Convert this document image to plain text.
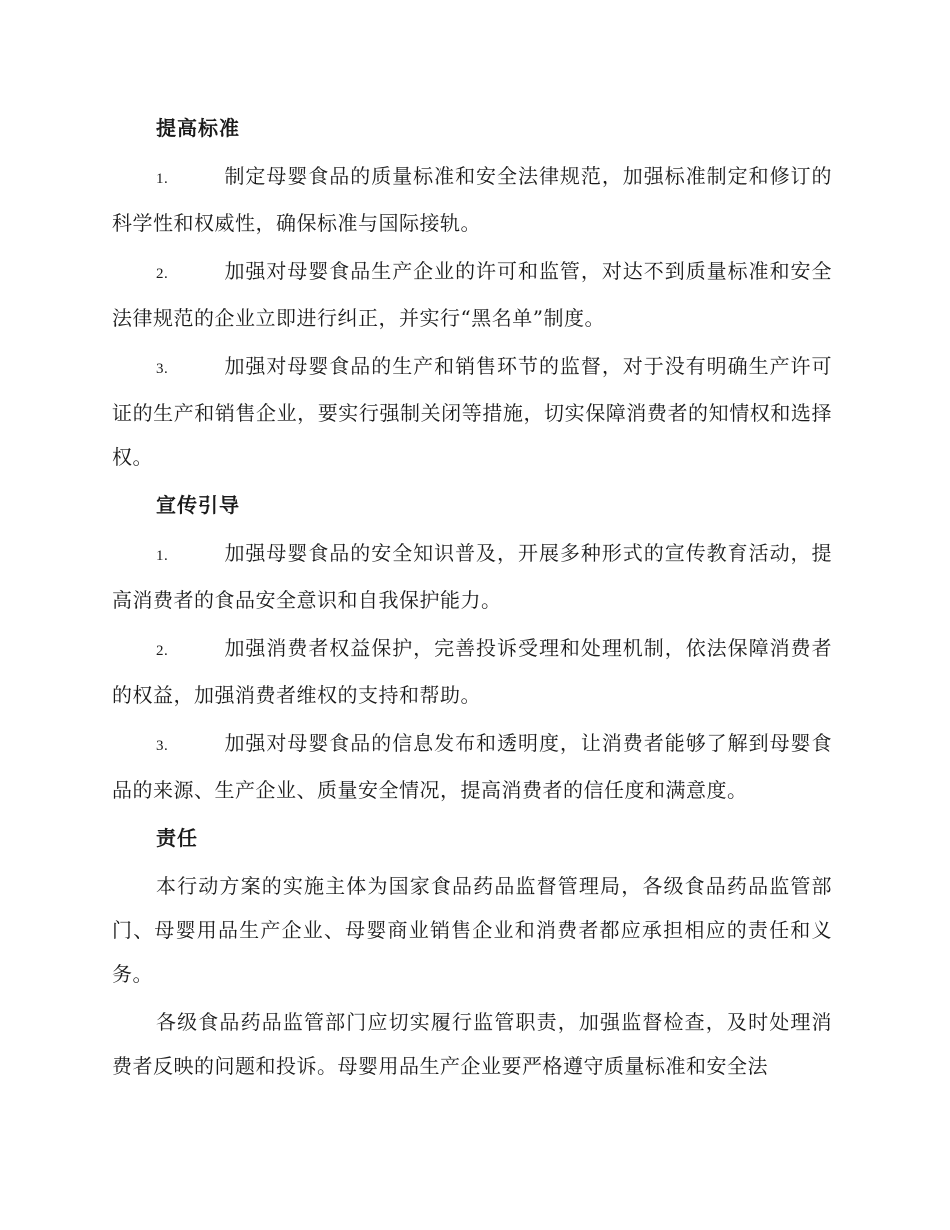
提高标准

1.	制定母婴食品的质量标准和安全法律规范，加强标准制定和修订的科学性和权威性，确保标准与国际接轨。

2.	加强对母婴食品生产企业的许可和监管，对达不到质量标准和安全法律规范的企业立即进行纠正，并实行“黑名单”制度。

3.	加强对母婴食品的生产和销售环节的监督，对于没有明确生产许可证的生产和销售企业，要实行强制关闭等措施，切实保障消费者的知情权和选择权。

宣传引导

1.	加强母婴食品的安全知识普及，开展多种形式的宣传教育活动，提高消费者的食品安全意识和自我保护能力。

2.	加强消费者权益保护，完善投诉受理和处理机制，依法保障消费者的权益，加强消费者维权的支持和帮助。

3.	加强对母婴食品的信息发布和透明度，让消费者能够了解到母婴食品的来源、生产企业、质量安全情况，提高消费者的信任度和满意度。

责任

本行动方案的实施主体为国家食品药品监督管理局，各级食品药品监管部门、母婴用品生产企业、母婴商业销售企业和消费者都应承担相应的责任和义务。

各级食品药品监管部门应切实履行监管职责，加强监督检查，及时处理消费者反映的问题和投诉。母婴用品生产企业要严格遵守质量标准和安全法
